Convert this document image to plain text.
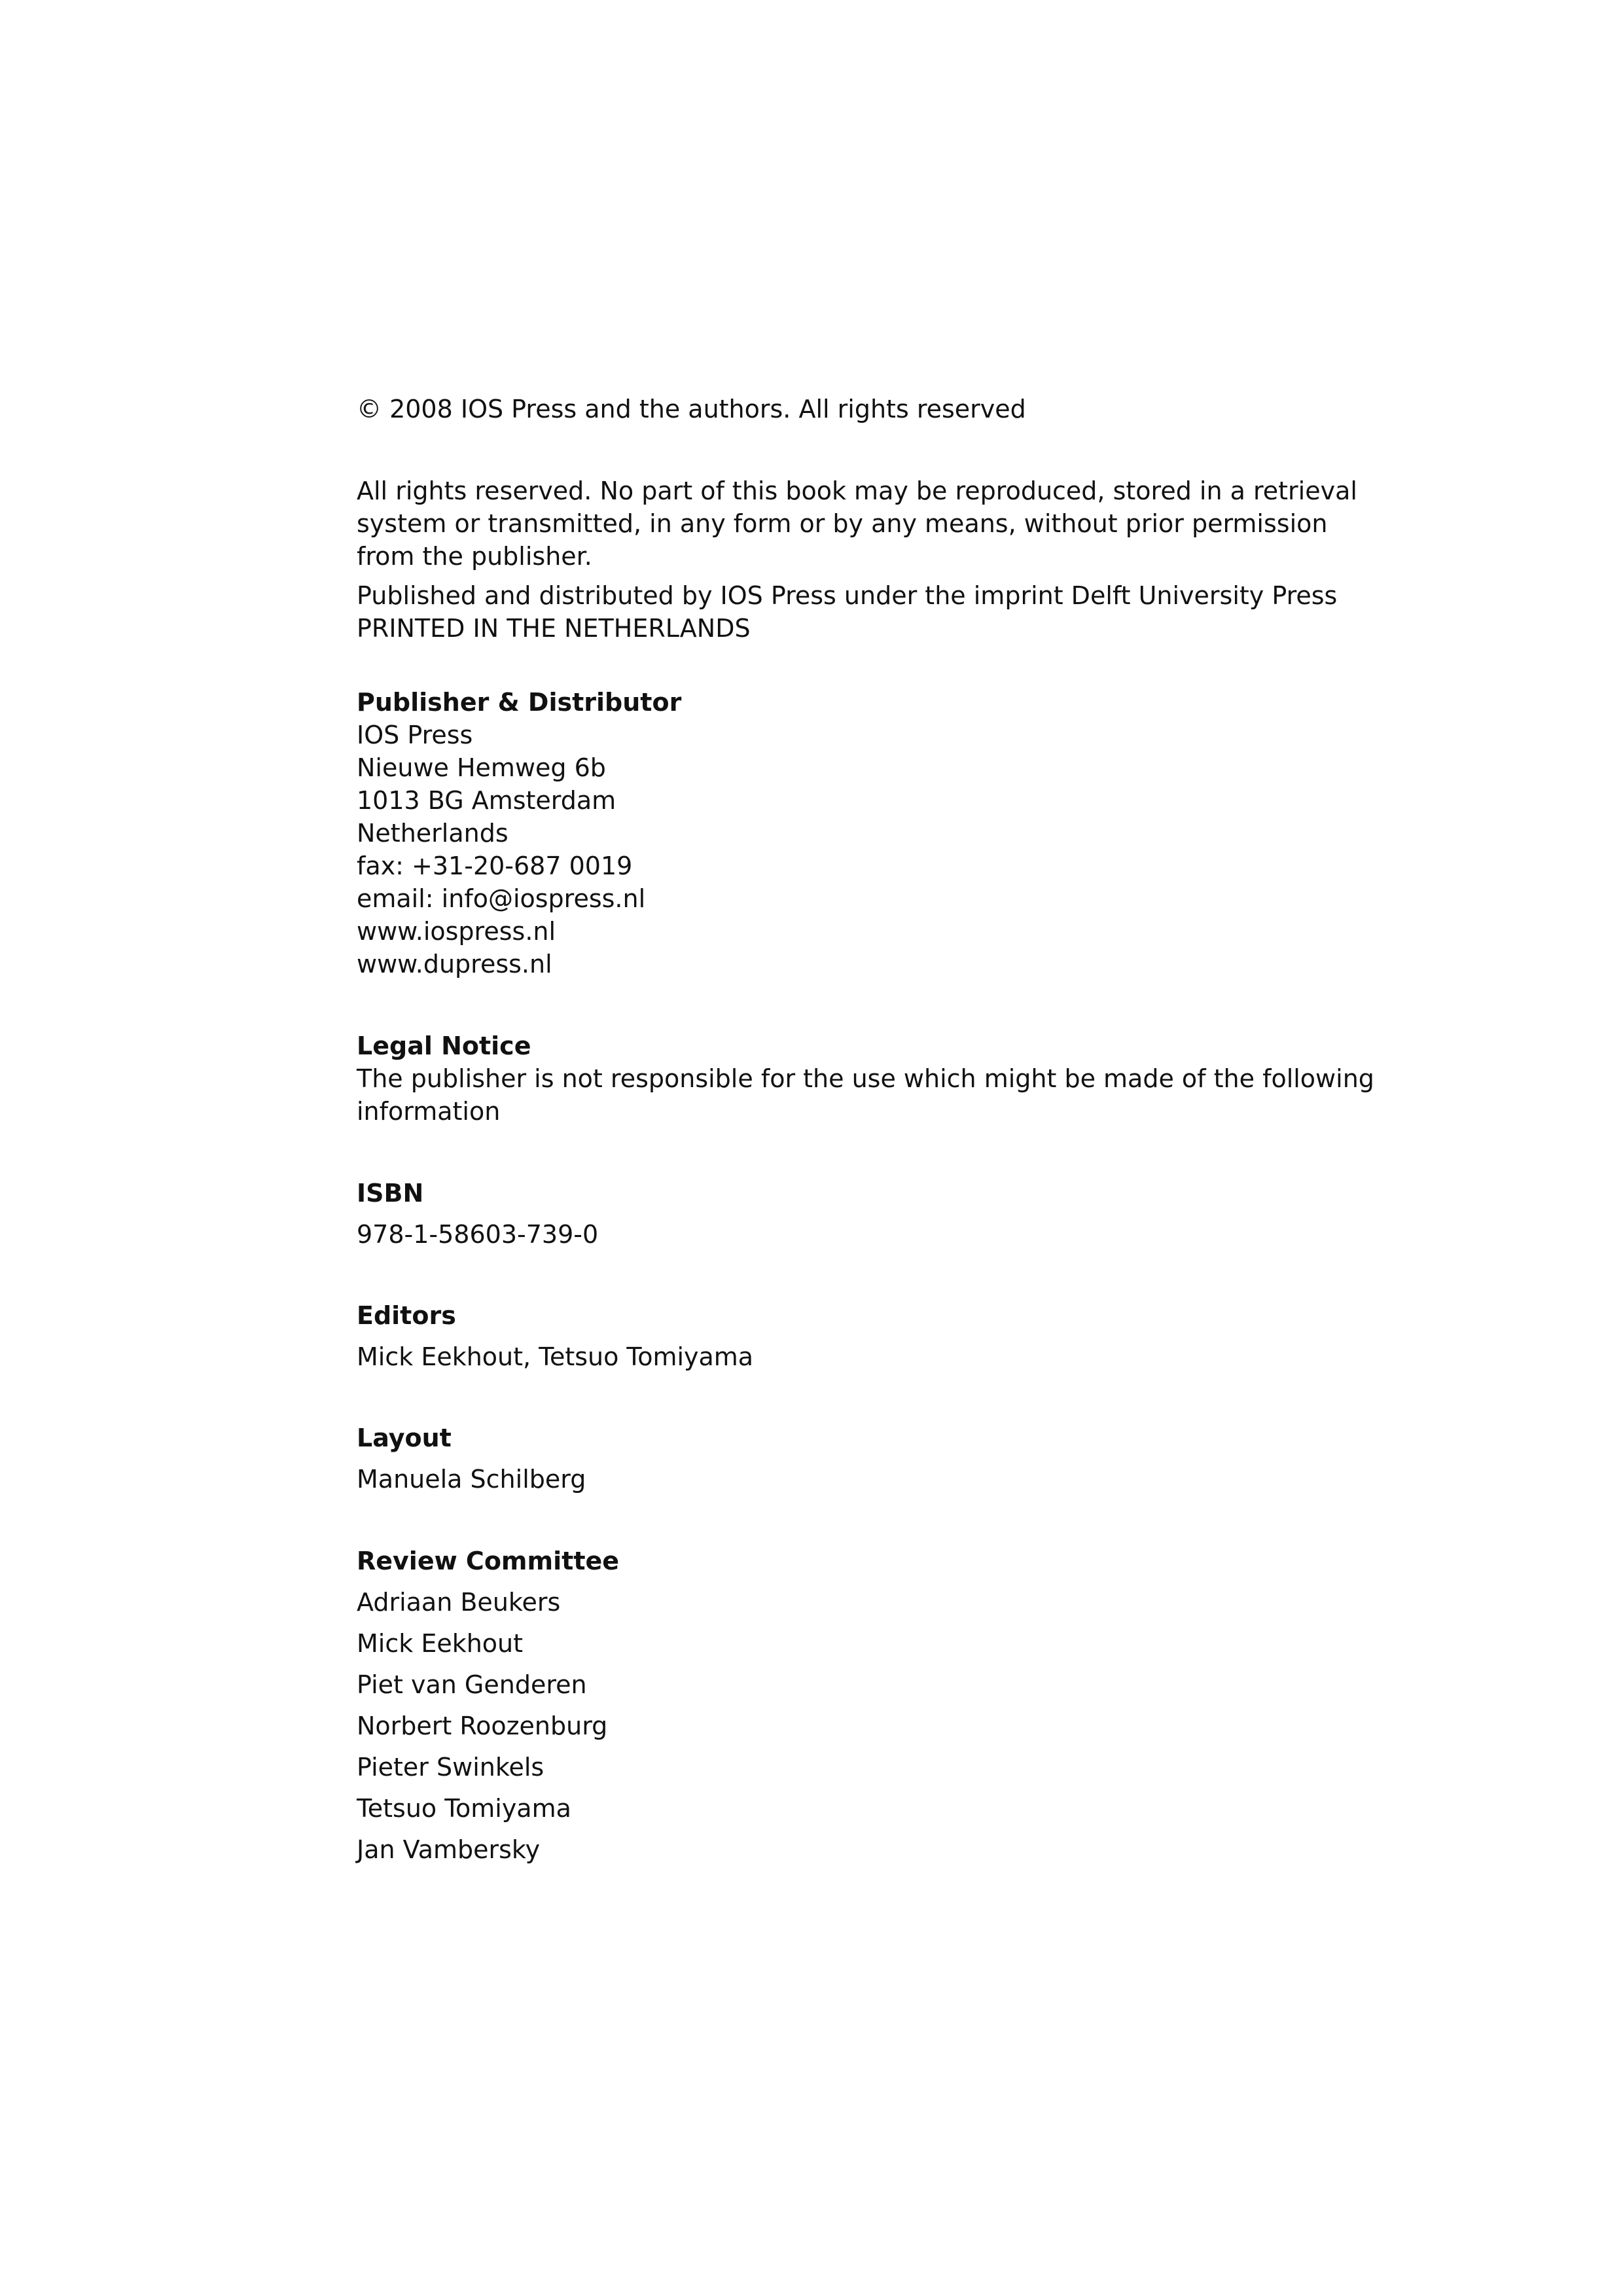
© 2008 IOS Press and the authors. All rights reserved

All rights reserved. No part of this book may be reproduced, stored in a retrieval

system or transmitted, in any form or by any means, without prior permission

from the publisher.

Published and distributed by IOS Press under the imprint Delft University Press

PRINTED IN THE NETHERLANDS

Publisher & Distributor

IOS Press

Nieuwe Hemweg 6b

1013 BG Amsterdam

Netherlands

fax: +31-20-687 0019

email: info@iospress.nl

www.iospress.nl

www.dupress.nl

Legal Notice

The publisher is not responsible for the use which might be made of the following

information

ISBN

978-1-58603-739-0

Editors

Mick Eekhout, Tetsuo Tomiyama

Layout

Manuela Schilberg

Review Committee

Adriaan Beukers

Mick Eekhout

Piet van Genderen

Norbert Roozenburg

Pieter Swinkels

Tetsuo Tomiyama

Jan Vambersky
